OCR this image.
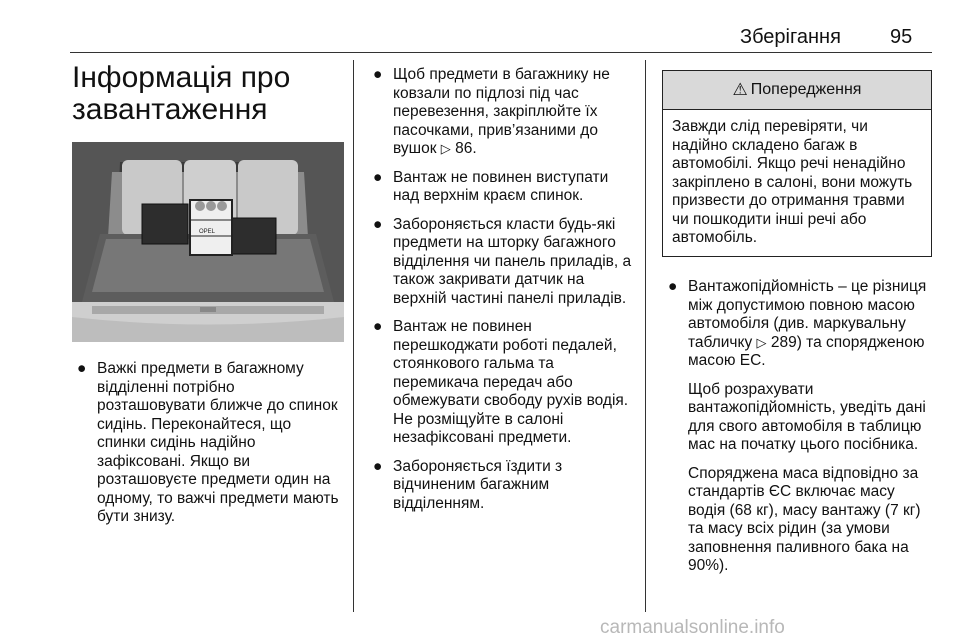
Зберігання 95
Інформація про завантаження
OPEL
● Важкі предмети в багажному відділенні потрібно розташовувати ближче до спинок сидінь. Переконайтеся, що спинки сидінь надійно зафіксовані. Якщо ви розташовуєте предмети один на одному, то важчі предмети мають бути знизу.
● Щоб предмети в багажнику не ковзали по підлозі під час перевезення, закріплюйте їх пасочками, прив’язаними до вушок ▷ 86.
● Вантаж не повинен виступати над верхнім краєм спинок.
● Забороняється класти будь-які предмети на шторку багажного відділення чи панель приладів, а також закривати датчик на верхній частині панелі приладів.
● Вантаж не повинен перешкоджати роботі педалей, стоянкового гальма та перемикача передач або обмежувати свободу рухів водія. Не розміщуйте в салоні незафіксовані предмети.
● Забороняється їздити з відчиненим багажним відділенням.
⚠ Попередження
Завжди слід перевіряти, чи надійно складено багаж в автомобілі. Якщо речі ненадійно закріплено в салоні, вони можуть призвести до отримання травми чи пошкодити інші речі або автомобіль.
● Вантажопідйомність – це різниця між допустимою повною масою автомобіля (див. маркувальну табличку ▷ 289) та спорядженою масою ЕС.
Щоб розрахувати вантажопідйомність, уведіть дані для свого автомобіля в таблицю мас на початку цього посібника.
Споряджена маса відповідно за стандартів ЄС включає масу водія (68 кг), масу вантажу (7 кг) та масу всіх рідин (за умови заповнення паливного бака на 90%).
carmanualsonline.info
